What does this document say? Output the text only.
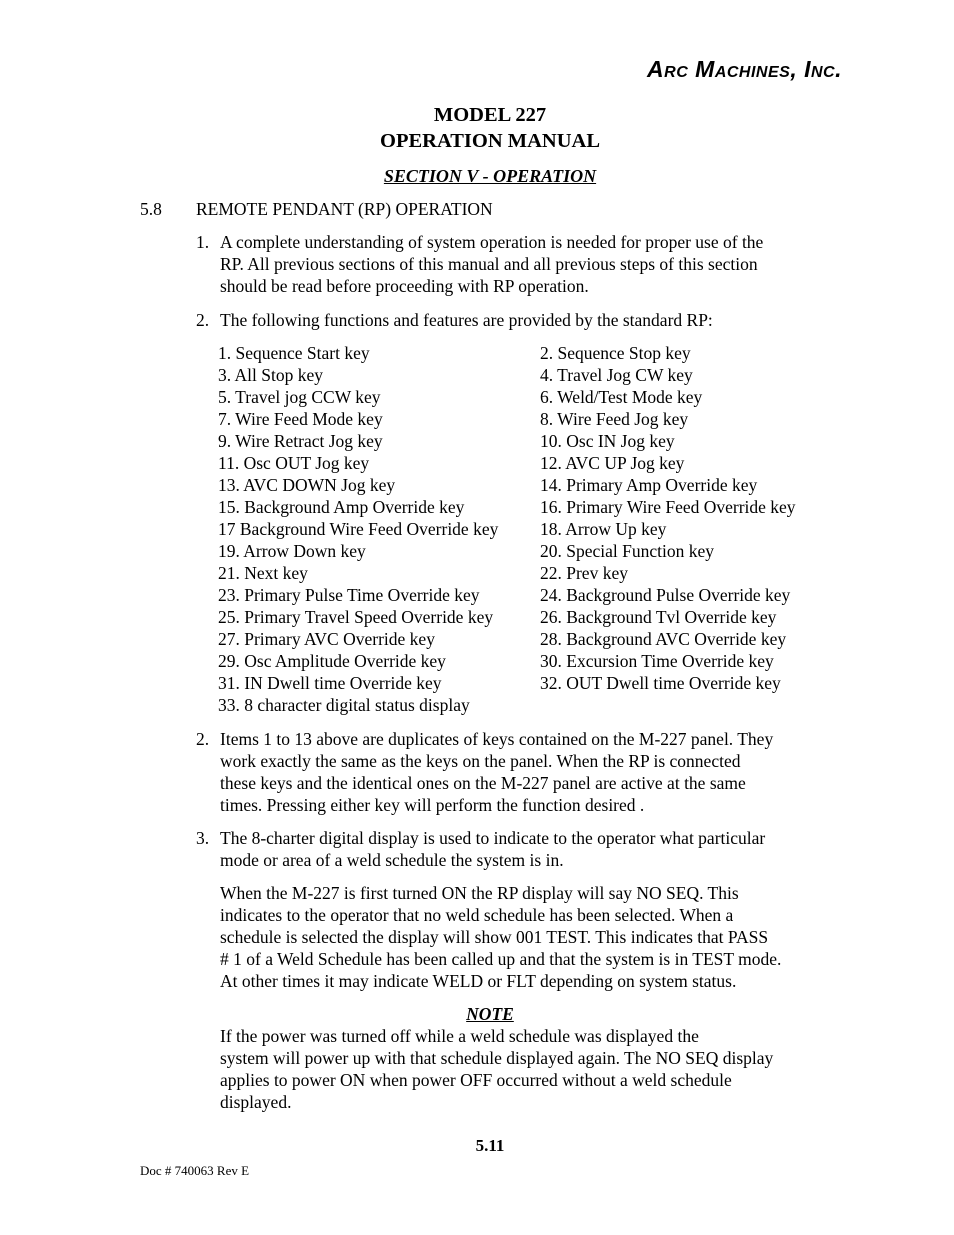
Arc Machines, Inc.
MODEL 227
OPERATION MANUAL
SECTION V - OPERATION
5.8 REMOTE PENDANT (RP) OPERATION
1. A complete understanding of system operation is needed for proper use of the
RP. All previous sections of this manual and all previous steps of this section
should be read before proceeding with RP operation.
2. The following functions and features are provided by the standard RP:
1. Sequence Start key
3. All Stop key
5. Travel jog CCW key
7. Wire Feed Mode key
9. Wire Retract Jog key
11. Osc OUT Jog key
13. AVC DOWN Jog key
15. Background Amp Override key
17 Background Wire Feed Override key
19. Arrow Down key
21. Next key
23. Primary Pulse Time Override key
25. Primary Travel Speed Override key
27. Primary AVC Override key
29. Osc Amplitude Override key
31. IN Dwell time Override key
33. 8 character digital status display
2. Sequence Stop key
4. Travel Jog CW key
6. Weld/Test Mode key
8. Wire Feed Jog key
10. Osc IN Jog key
12. AVC UP Jog key
14. Primary Amp Override key
16. Primary Wire Feed Override key
18. Arrow Up key
20. Special Function key
22. Prev key
24. Background Pulse Override key
26. Background Tvl Override key
28. Background AVC Override key
30. Excursion Time Override key
32. OUT Dwell time Override key
2. Items 1 to 13 above are duplicates of keys contained on the M-227 panel. They
work exactly the same as the keys on the panel. When the RP is connected
these keys and the identical ones on the M-227 panel are active at the same
times. Pressing either key will perform the function desired .
3. The 8-charter digital display is used to indicate to the operator what particular
mode or area of a weld schedule the system is in.
When the M-227 is first turned ON the RP display will say NO SEQ. This
indicates to the operator that no weld schedule has been selected. When a
schedule is selected the display will show 001 TEST. This indicates that PASS
# 1 of a Weld Schedule has been called up and that the system is in TEST mode.
At other times it may indicate WELD or FLT depending on system status.
NOTE
If the power was turned off while a weld schedule was displayed the
system will power up with that schedule displayed again. The NO SEQ display
applies to power ON when power OFF occurred without a weld schedule
displayed.
5.11
Doc # 740063 Rev E
